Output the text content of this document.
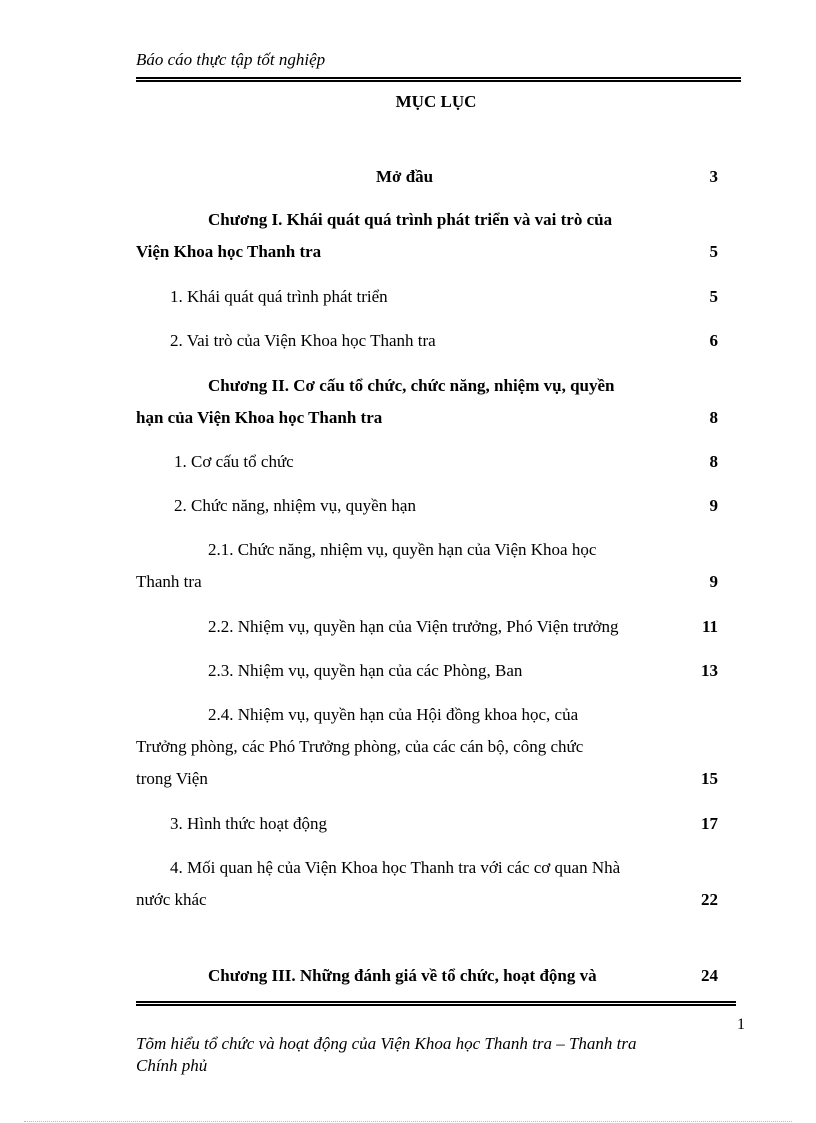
Báo cáo thực tập tốt nghiệp
MỤC LỤC
Mở đầu	3
Chương I. Khái quát quá trình phát triển và vai trò của
Viện Khoa học Thanh tra	5
1. Khái quát quá trình phát triển	5
2. Vai trò của Viện Khoa học Thanh tra	6
Chương II. Cơ cấu tổ chức, chức năng, nhiệm vụ, quyền
hạn của Viện Khoa học Thanh tra	8
1. Cơ cấu tổ chức	8
2. Chức năng, nhiệm vụ, quyền hạn	9
2.1. Chức năng, nhiệm vụ, quyền hạn của Viện Khoa học
Thanh tra	9
2.2. Nhiệm vụ, quyền hạn của Viện trưởng, Phó Viện trưởng	11
2.3. Nhiệm vụ, quyền hạn của các Phòng, Ban	13
2.4. Nhiệm vụ, quyền hạn của Hội đồng khoa học, của
Trưởng phòng, các Phó Trưởng phòng, của các cán bộ, công chức
trong Viện	15
3. Hình thức hoạt động	17
4. Mối quan hệ của Viện Khoa học Thanh tra với các cơ quan Nhà
nước khác	22
Chương III. Những đánh giá về tổ chức, hoạt động và	24
1
Tõm hiểu tổ chức và hoạt động của Viện Khoa học Thanh tra – Thanh tra
Chính phủ
